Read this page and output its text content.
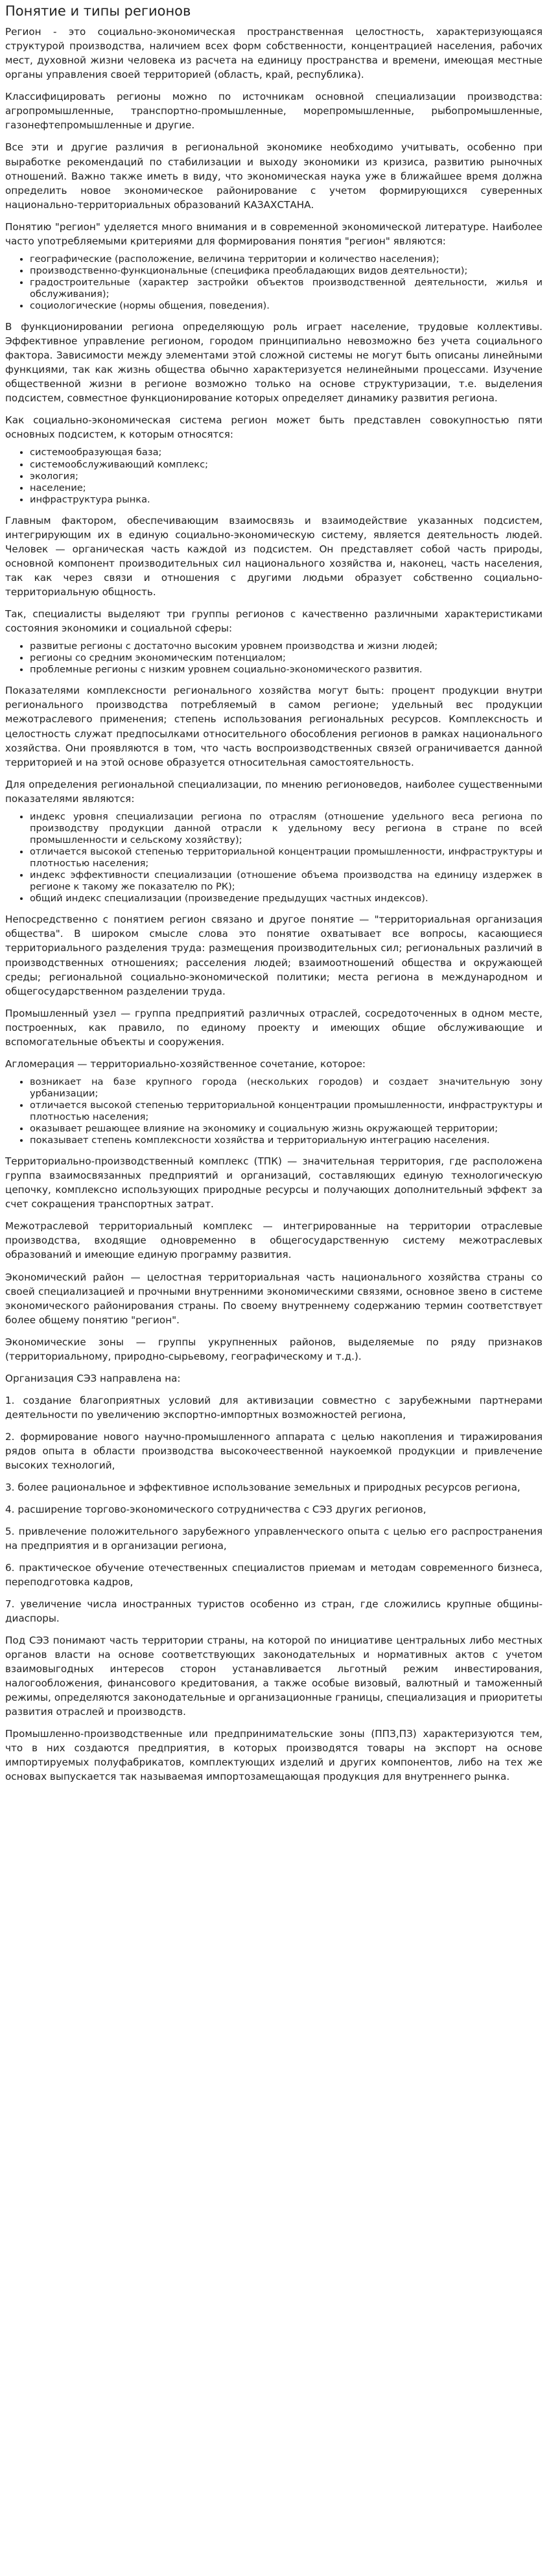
Понятие и типы регионов

Регион - это социально-экономическая пространственная целостность, характеризующаяся структурой производства, наличием всех форм собственности, концентрацией населения, рабочих мест, духовной жизни человека из расчета на единицу пространства и времени, имеющая местные органы управления своей территорией (область, край, республика).

Классифицировать регионы можно по источникам основной специализации производства: агропромышленные, транспортно-промышленные, морепромышленные, рыбопромышленные, газонефтепромышленные и другие.

Все эти и другие различия в региональной экономике необходимо учитывать, особенно при выработке рекомендаций по стабилизации и выходу экономики из кризиса, развитию рыночных отношений. Важно также иметь в виду, что экономическая наука уже в ближайшее время должна определить новое экономическое районирование с учетом формирующихся суверенных национально-территориальных образований КАЗАХСТАНА.

Понятию "регион" уделяется много внимания и в современной экономической литературе. Наиболее часто употребляемыми критериями для формирования понятия "регион" являются:

• географические (расположение, величина территории и количество населения);
• производственно-функциональные (специфика преобладающих видов деятельности);
• градостроительные (характер застройки объектов производственной деятельности, жилья и обслуживания);
• социологические (нормы общения, поведения).

В функционировании региона определяющую роль играет население, трудовые коллективы. Эффективное управление регионом, городом принципиально невозможно без учета социального фактора. Зависимости между элементами этой сложной системы не могут быть описаны линейными функциями, так как жизнь общества обычно характеризуется нелинейными процессами. Изучение общественной жизни в регионе возможно только на основе структуризации, т.е. выделения подсистем, совместное функционирование которых определяет динамику развития региона.

Как социально-экономическая система регион может быть представлен совокупностью пяти основных подсистем, к которым относятся:

• системообразующая база;
• системообслуживающий комплекс;
• экология;
• население;
• инфраструктура рынка.

Главным фактором, обеспечивающим взаимосвязь и взаимодействие указанных подсистем, интегрирующим их в единую социально-экономическую систему, является деятельность людей. Человек — органическая часть каждой из подсистем. Он представляет собой часть природы, основной компонент производительных сил национального хозяйства и, наконец, часть населения, так как через связи и отношения с другими людьми образует собственно социально-территориальную общность.

Так, специалисты выделяют три группы регионов с качественно различными характеристиками состояния экономики и социальной сферы:

• развитые регионы с достаточно высоким уровнем производства и жизни людей;
• регионы со средним экономическим потенциалом;
• проблемные регионы с низким уровнем социально-экономического развития.

Показателями комплексности регионального хозяйства могут быть: процент продукции внутри регионального производства потребляемый в самом регионе; удельный вес продукции межотраслевого применения; степень использования региональных ресурсов. Комплексность и целостность служат предпосылками относительного обособления регионов в рамках национального хозяйства. Они проявляются в том, что часть воспроизводственных связей ограничивается данной территорией и на этой основе образуется относительная самостоятельность.

Для определения региональной специализации, по мнению регионоведов, наиболее существенными показателями являются:

• индекс уровня специализации региона по отраслям (отношение удельного веса региона по производству продукции данной отрасли к удельному весу региона в стране по всей промышленности и сельскому хозяйству);
• отличается высокой степенью территориальной концентрации промышленности, инфраструктуры и плотностью населения;
• индекс эффективности специализации (отношение объема производства на единицу издержек в регионе к такому же показателю по РК);
• общий индекс специализации (произведение предыдущих частных индексов).

Непосредственно с понятием регион связано и другое понятие — "территориальная организация общества". В широком смысле слова это понятие охватывает все вопросы, касающиеся территориального разделения труда: размещения производительных сил; региональных различий в производственных отношениях; расселения людей; взаимоотношений общества и окружающей среды; региональной социально-экономической политики; места региона в международном и общегосударственном разделении труда.

Промышленный узел — группа предприятий различных отраслей, сосредоточенных в одном месте, построенных, как правило, по единому проекту и имеющих общие обслуживающие и вспомогательные объекты и сооружения.

Агломерация — территориально-хозяйственное сочетание, которое:

• возникает на базе крупного города (нескольких городов) и создает значительную зону урбанизации;
• отличается высокой степенью территориальной концентрации промышленности, инфраструктуры и плотностью населения;
• оказывает решающее влияние на экономику и социальную жизнь окружающей территории;
• показывает степень комплексности хозяйства и территориальную интеграцию населения.

Территориально-производственный комплекс (ТПК) — значительная территория, где расположена группа взаимосвязанных предприятий и организаций, составляющих единую технологическую цепочку, комплексно использующих природные ресурсы и получающих дополнительный эффект за счет сокращения транспортных затрат.

Межотраслевой территориальный комплекс — интегрированные на территории отраслевые производства, входящие одновременно в общегосударственную систему межотраслевых образований и имеющие единую программу развития.

Экономический район — целостная территориальная часть национального хозяйства страны со своей специализацией и прочными внутренними экономическими связями, основное звено в системе экономического районирования страны. По своему внутреннему содержанию термин соответствует более общему понятию "регион".

Экономические зоны — группы укрупненных районов, выделяемые по ряду признаков (территориальному, природно-сырьевому, географическому и т.д.).

Организация СЭЗ направлена на:

1. создание благоприятных условий для активизации совместно с зарубежными партнерами деятельности по увеличению экспортно-импортных возможностей региона,

2. формирование нового научно-промышленного аппарата с целью накопления и тиражирования рядов опыта в области производства высокочеественной наукоемкой продукции и привлечение высоких технологий,

3. более рациональное и эффективное использование земельных и природных ресурсов региона,

4. расширение торгово-экономического сотрудничества с СЭЗ других регионов,

5. привлечение положительного зарубежного управленческого опыта с целью его распространения на предприятия и в организации региона,

6. практическое обучение отечественных специалистов приемам и методам современного бизнеса, переподготовка кадров,

7. увеличение числа иностранных туристов особенно из стран, где сложились крупные общины-диаспоры.

Под СЭЗ понимают часть территории страны, на которой по инициативе центральных либо местных органов власти на основе соответствующих законодательных и нормативных актов с учетом взаимовыгодных интересов сторон устанавливается льготный режим инвестирования, налогообложения, финансового кредитования, а также особые визовый, валютный и таможенный режимы, определяются законодательные и организационные границы, специализация и приоритеты развития отраслей и производств.

Промышленно-производственные или предпринимательские зоны (ППЗ,ПЗ) характеризуются тем, что в них создаются предприятия, в которых производятся товары на экспорт на основе импортируемых полуфабрикатов, комплектующих изделий и других компонентов, либо на тех же основах выпускается так называемая импортозамещающая продукция для внутреннего рынка.
